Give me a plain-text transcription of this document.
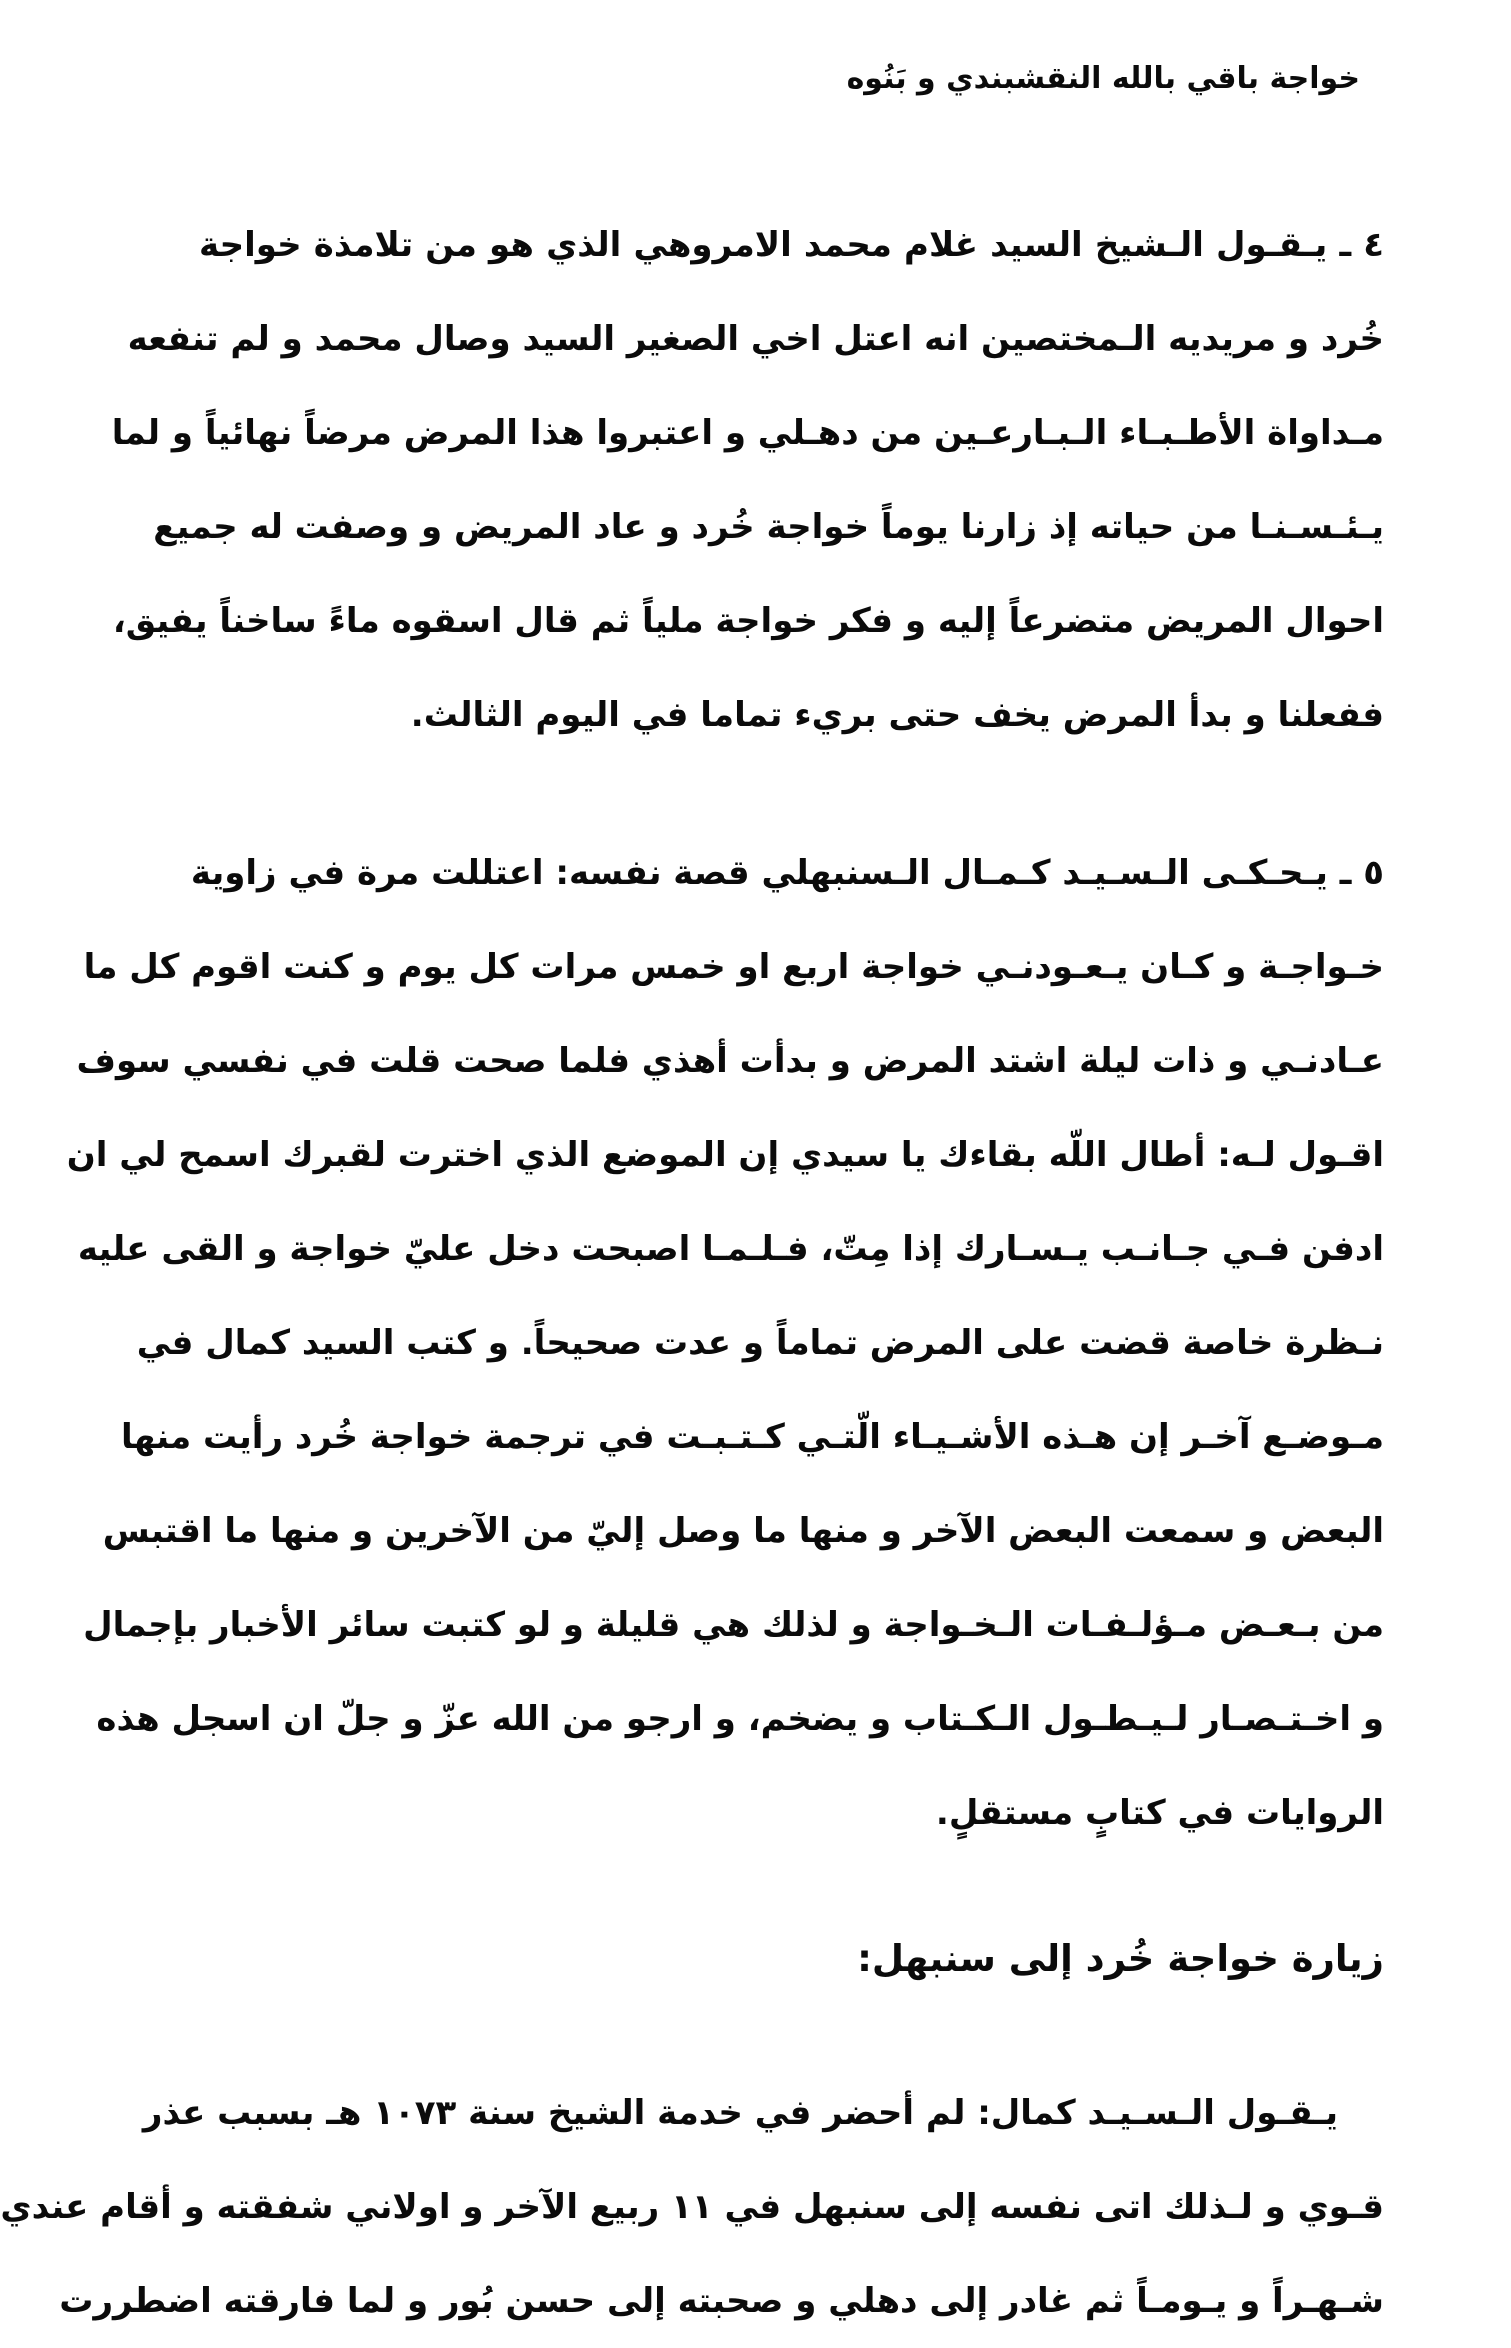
خواجة باقي بالله النقشبندي و بَنُوه

٤ ـ يـقـول الـشيخ السيد غلام محمد الامروهي الذي هو من تلامذة خواجة
خُرد و مريديه الـمختصين انه اعتل اخي الصغير السيد وصال محمد و لم تنفعه
مـداواة الأطـبـاء الـبـارعـين من دهـلي و اعتبروا هذا المرض مرضاً نهائياً و لما
يـئـسـنـا من حياته إذ زارنا يوماً خواجة خُرد و عاد المريض و وصفت له جميع
احوال المريض متضرعاً إليه و فكر خواجة ملياً ثم قال اسقوه ماءً ساخناً يفيق،
ففعلنا و بدأ المرض يخف حتى بريء تماما في اليوم الثالث.

٥ ـ يـحـكـى الـسـيـد كـمـال الـسنبهلي قصة نفسه: اعتللت مرة في زاوية
خـواجـة و كـان يـعـودنـي خواجة اربع او خمس مرات كل يوم و كنت اقوم كل ما
عـادنـي و ذات ليلة اشتد المرض و بدأت أهذي فلما صحت قلت في نفسي سوف
اقـول لـه: أطال اللّه بقاءك يا سيدي إن الموضع الذي اخترت لقبرك اسمح لي ان
ادفن فـي جـانـب يـسـارك إذا مِتّ، فـلـمـا اصبحت دخل عليّ خواجة و القى عليه
نـظرة خاصة قضت على المرض تماماً و عدت صحيحاً. و كتب السيد كمال في
مـوضـع آخـر إن هـذه الأشـيـاء الّتـي كـتـبـت في ترجمة خواجة خُرد رأيت منها
البعض و سمعت البعض الآخر و منها ما وصل إليّ من الآخرين و منها ما اقتبس
من بـعـض مـؤلـفـات الـخـواجة و لذلك هي قليلة و لو كتبت سائر الأخبار بإجمال
و اخـتـصـار لـيـطـول الـكـتاب و يضخم، و ارجو من الله عزّ و جلّ ان اسجل هذه
الروايات في كتابٍ مستقلٍ.

زيارة خواجة خُرد إلى سنبهل:

يـقـول الـسـيـد كمال: لم أحضر في خدمة الشيخ سنة ١٠٧٣ هـ بسبب عذر
قـوي و لـذلك اتى نفسه إلى سنبهل في ١١ ربيع الآخر و اولاني شفقته و أقام عندي
شـهـراً و يـومـاً ثم غادر إلى دهلي و صحبته إلى حسن بُور و لما فارقته اضطررت
